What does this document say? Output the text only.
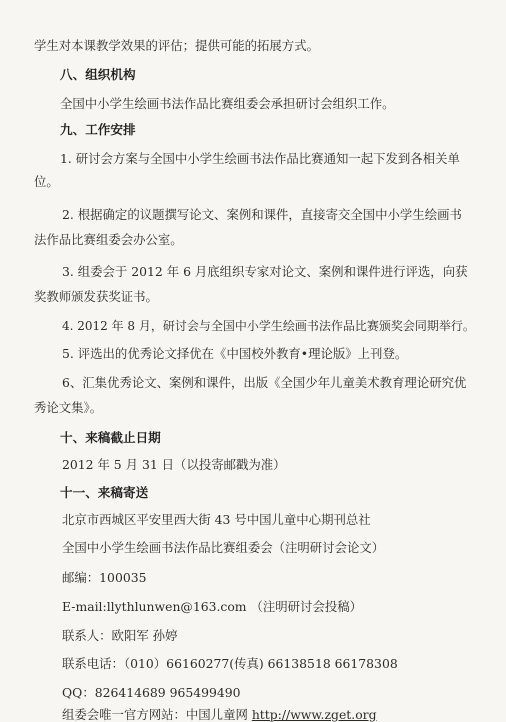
学生对本课教学效果的评估；提供可能的拓展方式。
八、组织机构
全国中小学生绘画书法作品比赛组委会承担研讨会组织工作。
九、工作安排
1. 研讨会方案与全国中小学生绘画书法作品比赛通知一起下发到各相关单
位。
2. 根据确定的议题撰写论文、案例和课件，直接寄交全国中小学生绘画书
法作品比赛组委会办公室。
3. 组委会于 2012 年 6 月底组织专家对论文、案例和课件进行评选，向获
奖教师颁发获奖证书。
4. 2012 年 8 月，研讨会与全国中小学生绘画书法作品比赛颁奖会同期举行。
5. 评选出的优秀论文择优在《中国校外教育•理论版》上刊登。
6、汇集优秀论文、案例和课件，出版《全国少年儿童美术教育理论研究优
秀论文集》。
十、来稿截止日期
2012 年 5 月 31 日（以投寄邮戳为准）
十一、来稿寄送
北京市西城区平安里西大街 43 号中国儿童中心期刊总社
全国中小学生绘画书法作品比赛组委会（注明研讨会论文）
邮编：100035
E-mail:llythlunwen@163.com （注明研讨会投稿）
联系人：欧阳军 孙婷
联系电话：（010）66160277(传真) 66138518 66178308
QQ：826414689 965499490
组委会唯一官方网站：中国儿童网 http://www.zget.org
